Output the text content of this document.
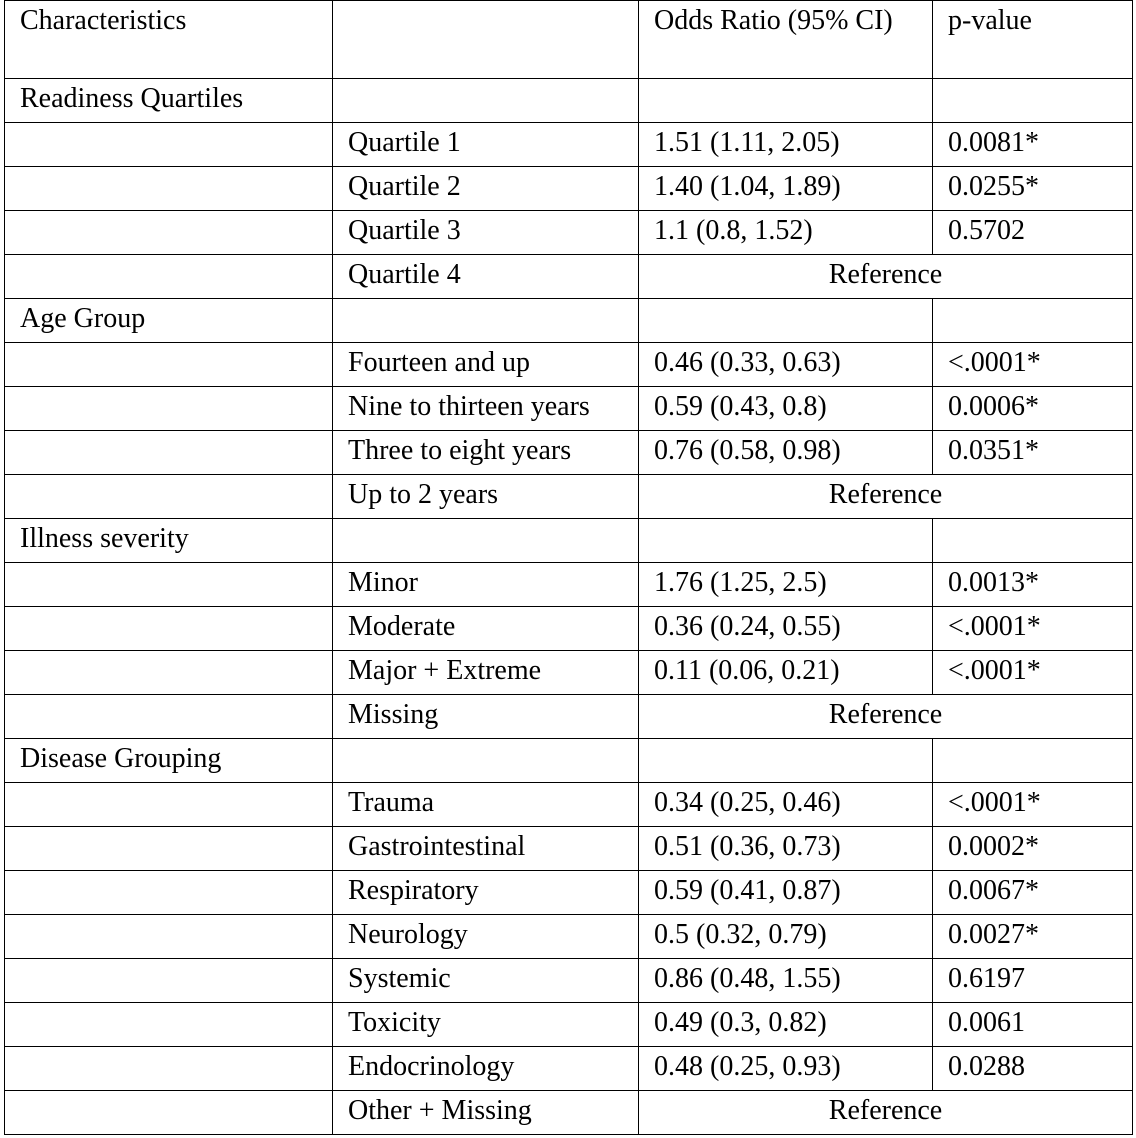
Characteristics		Odds Ratio (95% CI)	p-value
Readiness Quartiles			
	Quartile 1	1.51 (1.11, 2.05)	0.0081*
	Quartile 2	1.40 (1.04, 1.89)	0.0255*
	Quartile 3	1.1 (0.8, 1.52)	0.5702
	Quartile 4	Reference	
Age Group			
	Fourteen and up	0.46 (0.33, 0.63)	<.0001*
	Nine to thirteen years	0.59 (0.43, 0.8)	0.0006*
	Three to eight years	0.76 (0.58, 0.98)	0.0351*
	Up to 2 years	Reference	
Illness severity			
	Minor	1.76 (1.25, 2.5)	0.0013*
	Moderate	0.36 (0.24, 0.55)	<.0001*
	Major + Extreme	0.11 (0.06, 0.21)	<.0001*
	Missing	Reference	
Disease Grouping			
	Trauma	0.34 (0.25, 0.46)	<.0001*
	Gastrointestinal	0.51 (0.36, 0.73)	0.0002*
	Respiratory	0.59 (0.41, 0.87)	0.0067*
	Neurology	0.5 (0.32, 0.79)	0.0027*
	Systemic	0.86 (0.48, 1.55)	0.6197
	Toxicity	0.49 (0.3, 0.82)	0.0061
	Endocrinology	0.48 (0.25, 0.93)	0.0288
	Other + Missing	Reference	
